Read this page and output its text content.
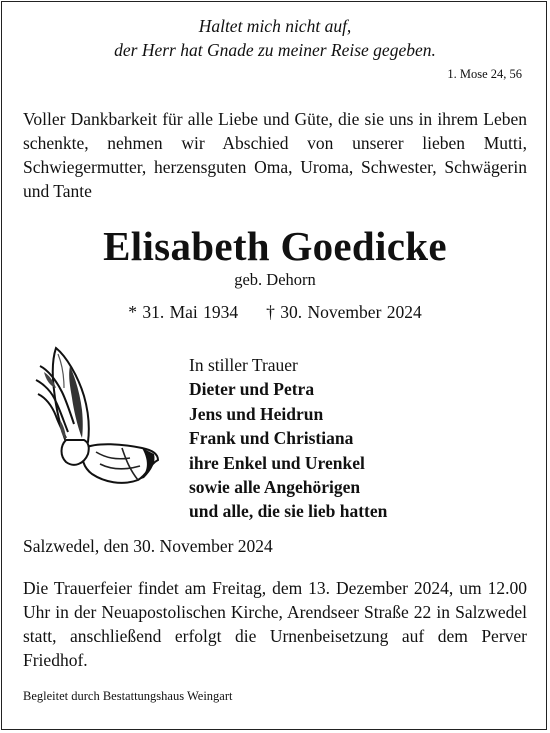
Haltet mich nicht auf,
der Herr hat Gnade zu meiner Reise gegeben.
1. Mose 24, 56
Voller Dankbarkeit für alle Liebe und Güte, die sie uns in ihrem Leben schenkte, nehmen wir Abschied von unserer lieben Mutti, Schwiegermutter, herzensguten Oma, Uroma, Schwester, Schwägerin und Tante
Elisabeth Goedicke
geb. Dehorn
* 31. Mai 1934 † 30. November 2024
In stiller Trauer
Dieter und Petra
Jens und Heidrun
Frank und Christiana
ihre Enkel und Urenkel
sowie alle Angehörigen
und alle, die sie lieb hatten
Salzwedel, den 30. November 2024
Die Trauerfeier findet am Freitag, dem 13. Dezember 2024, um 12.00 Uhr in der Neuapostolischen Kirche, Arendseer Straße 22 in Salzwedel statt, anschließend erfolgt die Urnenbeisetzung auf dem Perver Friedhof.
Begleitet durch Bestattungshaus Weingart
